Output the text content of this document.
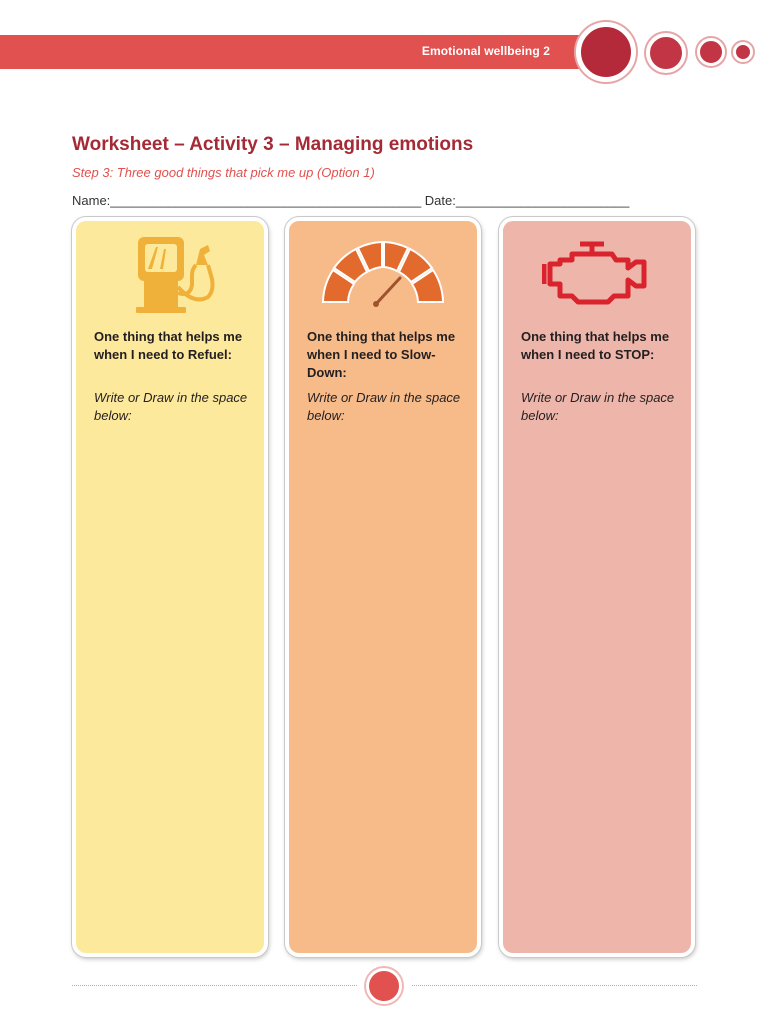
Emotional wellbeing 2
Worksheet – Activity 3 – Managing emotions
Step 3: Three good things that pick me up (Option 1)
Name:___________________________________________ Date:________________________

One thing that helps me when I need to Refuel:

Write or Draw in the space below:

One thing that helps me when I need to Slow-Down:

Write or Draw in the space below:

One thing that helps me when I need to STOP:

Write or Draw in the space below:
